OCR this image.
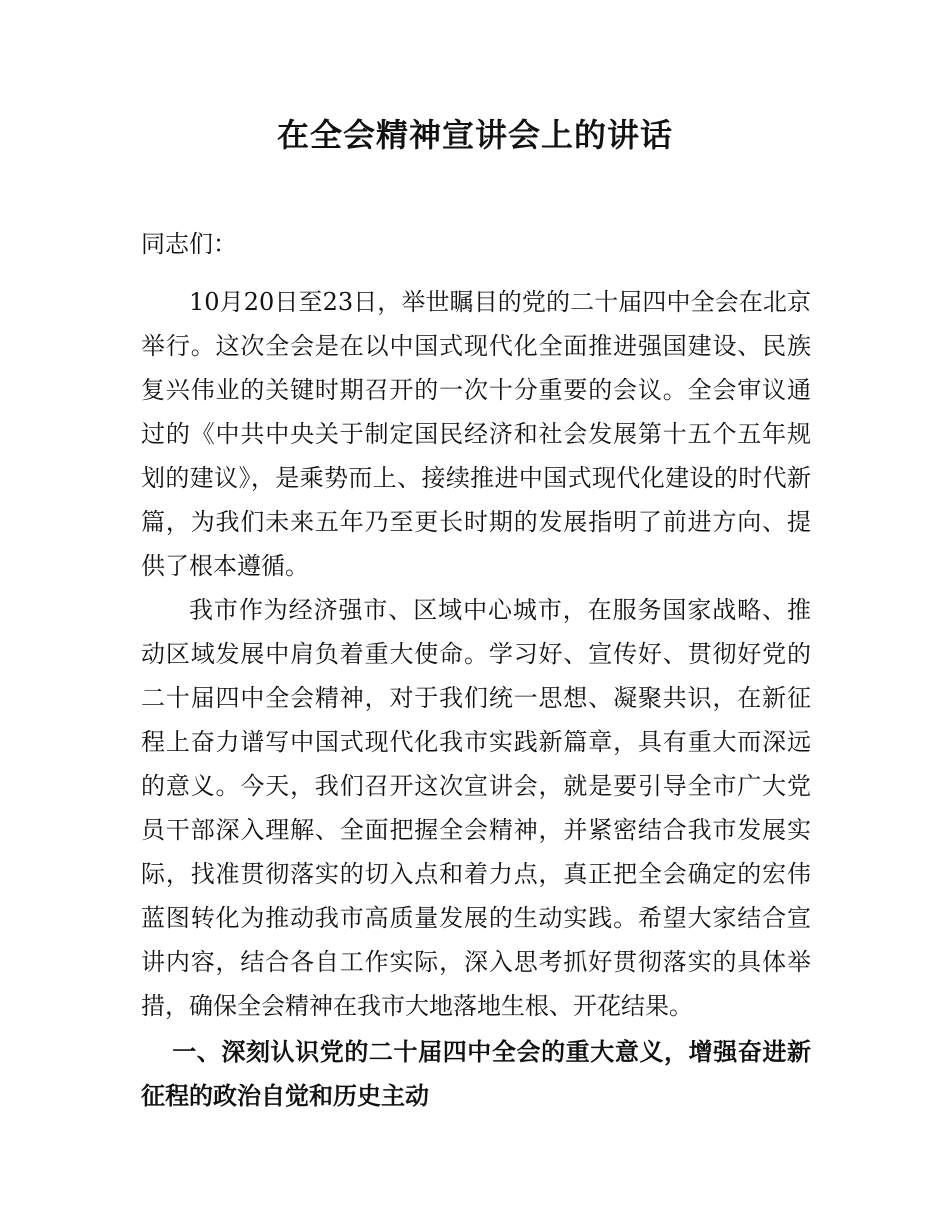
在全会精神宣讲会上的讲话

同志们：

10月20日至23日，举世瞩目的党的二十届四中全会在北京举行。这次全会是在以中国式现代化全面推进强国建设、民族复兴伟业的关键时期召开的一次十分重要的会议。全会审议通过的《中共中央关于制定国民经济和社会发展第十五个五年规划的建议》，是乘势而上、接续推进中国式现代化建设的时代新篇，为我们未来五年乃至更长时期的发展指明了前进方向、提供了根本遵循。

我市作为经济强市、区域中心城市，在服务国家战略、推动区域发展中肩负着重大使命。学习好、宣传好、贯彻好党的二十届四中全会精神，对于我们统一思想、凝聚共识，在新征程上奋力谱写中国式现代化我市实践新篇章，具有重大而深远的意义。今天，我们召开这次宣讲会，就是要引导全市广大党员干部深入理解、全面把握全会精神，并紧密结合我市发展实际，找准贯彻落实的切入点和着力点，真正把全会确定的宏伟蓝图转化为推动我市高质量发展的生动实践。希望大家结合宣讲内容，结合各自工作实际，深入思考抓好贯彻落实的具体举措，确保全会精神在我市大地落地生根、开花结果。

一、深刻认识党的二十届四中全会的重大意义，增强奋进新征程的政治自觉和历史主动
